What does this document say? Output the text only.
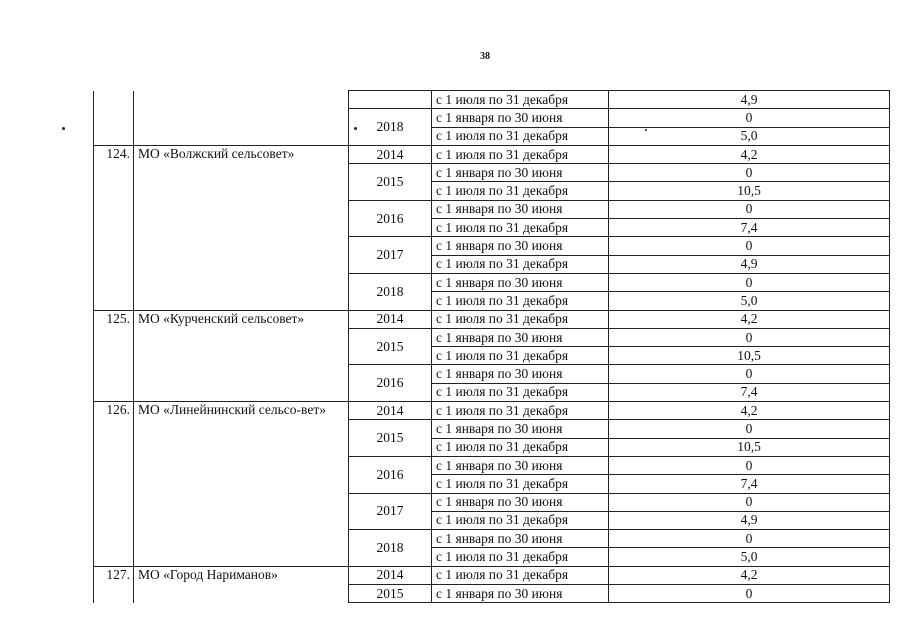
38
			с 1 июля по 31 декабря	4,9
		2018	с 1 января по 30 июня	0
			с 1 июля по 31 декабря	5,0
124.	МО «Волжский сельсовет»	2014	с 1 июля по 31 декабря	4,2
		2015	с 1 января по 30 июня	0
			с 1 июля по 31 декабря	10,5
		2016	с 1 января по 30 июня	0
			с 1 июля по 31 декабря	7,4
		2017	с 1 января по 30 июня	0
			с 1 июля по 31 декабря	4,9
		2018	с 1 января по 30 июня	0
			с 1 июля по 31 декабря	5,0
125.	МО «Курченский сельсовет»	2014	с 1 июля по 31 декабря	4,2
		2015	с 1 января по 30 июня	0
			с 1 июля по 31 декабря	10,5
		2016	с 1 января по 30 июня	0
			с 1 июля по 31 декабря	7,4
126.	МО «Линейнинский сельсо-вет»	2014	с 1 июля по 31 декабря	4,2
		2015	с 1 января по 30 июня	0
			с 1 июля по 31 декабря	10,5
		2016	с 1 января по 30 июня	0
			с 1 июля по 31 декабря	7,4
		2017	с 1 января по 30 июня	0
			с 1 июля по 31 декабря	4,9
		2018	с 1 января по 30 июня	0
			с 1 июля по 31 декабря	5,0
127.	МО «Город Нариманов»	2014	с 1 июля по 31 декабря	4,2
		2015	с 1 января по 30 июня	0
